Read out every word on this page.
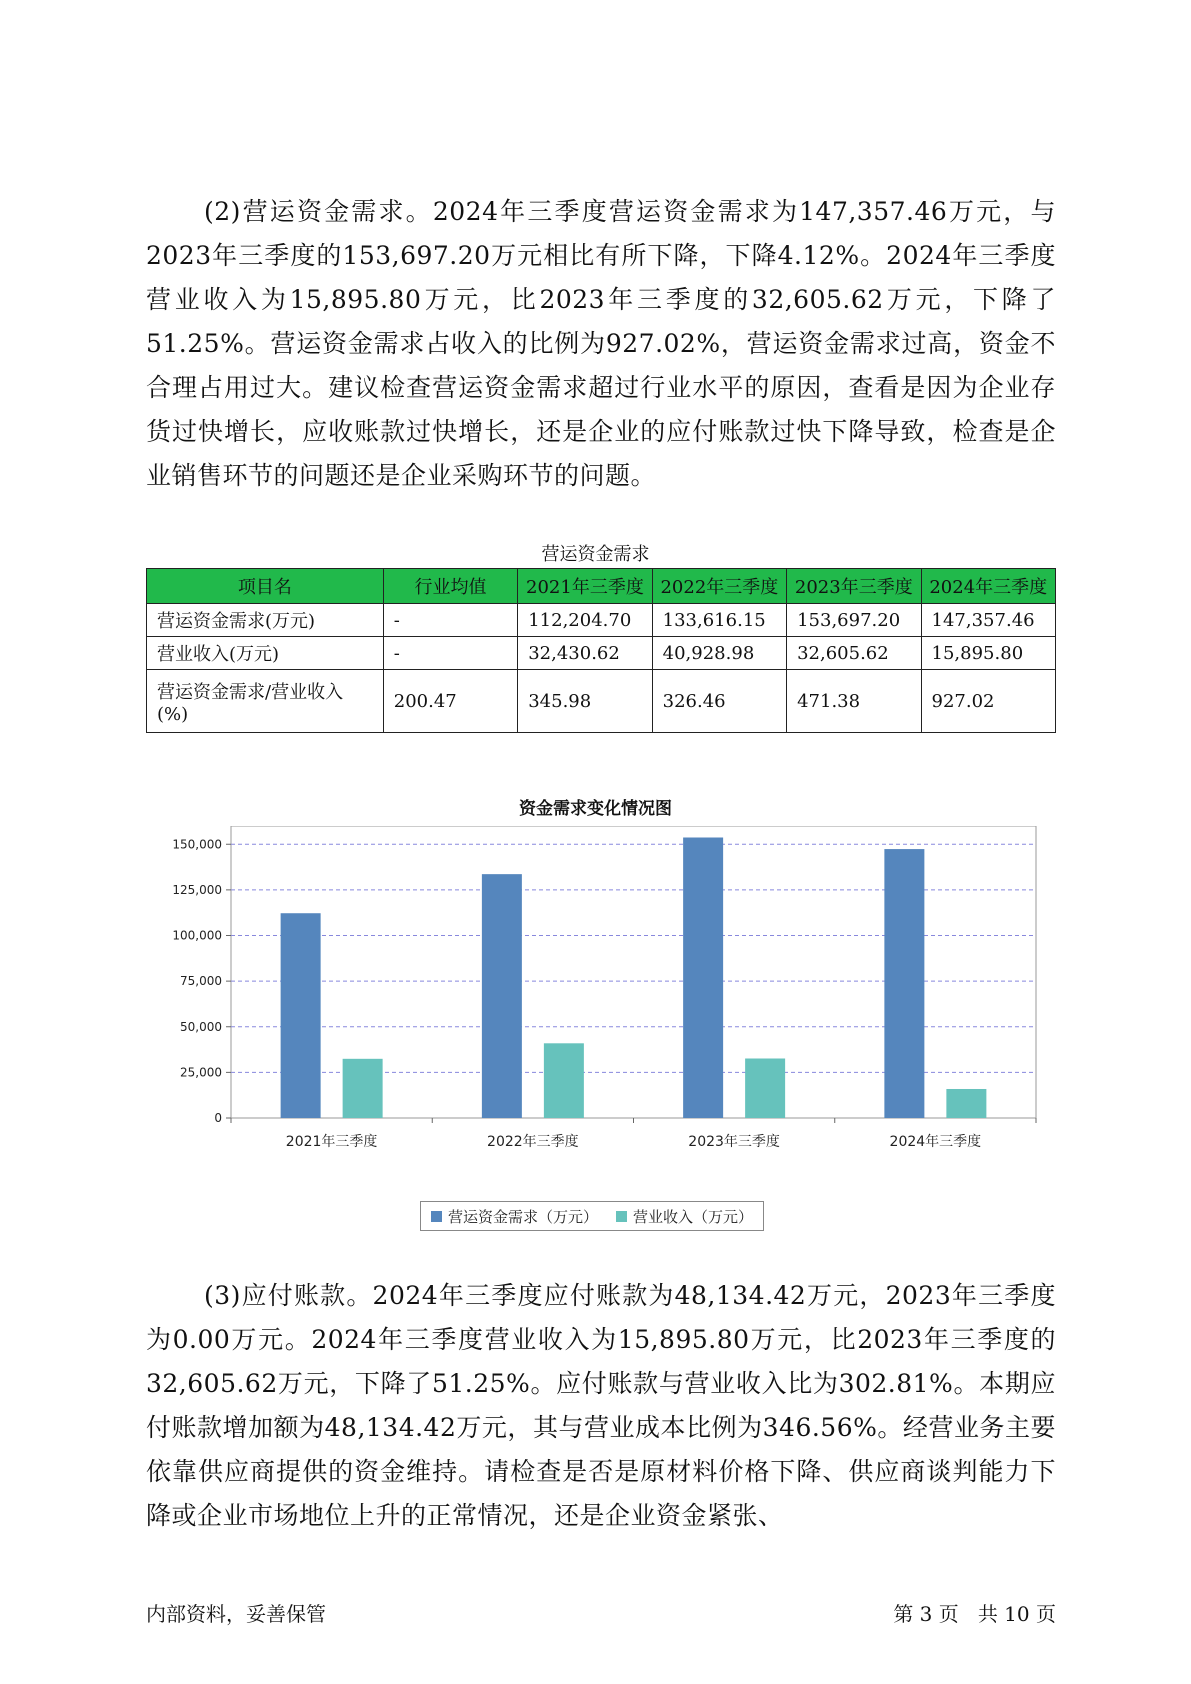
(2)营运资金需求。2024年三季度营运资金需求为147,357.46万元，与2023年三季度的153,697.20万元相比有所下降，下降4.12%。2024年三季度营业收入为15,895.80万元，比2023年三季度的32,605.62万元，下降了51.25%。营运资金需求占收入的比例为927.02%，营运资金需求过高，资金不合理占用过大。建议检查营运资金需求超过行业水平的原因，查看是因为企业存货过快增长，应收账款过快增长，还是企业的应付账款过快下降导致，检查是企业销售环节的问题还是企业采购环节的问题。

营运资金需求
项目名	行业均值	2021年三季度	2022年三季度	2023年三季度	2024年三季度
营运资金需求(万元)	-	112,204.70	133,616.15	153,697.20	147,357.46
营业收入(万元)	-	32,430.62	40,928.98	32,605.62	15,895.80
营运资金需求/营业收入(%)	200.47	345.98	326.46	471.38	927.02
资金需求变化情况图
0
25,000
50,000
75,000
100,000
125,000
150,000
2021年三季度	2022年三季度	2023年三季度	2024年三季度
营运资金需求（万元） 营业收入（万元）

(3)应付账款。2024年三季度应付账款为48,134.42万元，2023年三季度为0.00万元。2024年三季度营业收入为15,895.80万元，比2023年三季度的32,605.62万元，下降了51.25%。应付账款与营业收入比为302.81%。本期应付账款增加额为48,134.42万元，其与营业成本比例为346.56%。经营业务主要依靠供应商提供的资金维持。请检查是否是原材料价格下降、供应商谈判能力下降或企业市场地位上升的正常情况，还是企业资金紧张、

内部资料，妥善保管	第 3 页   共 10 页
